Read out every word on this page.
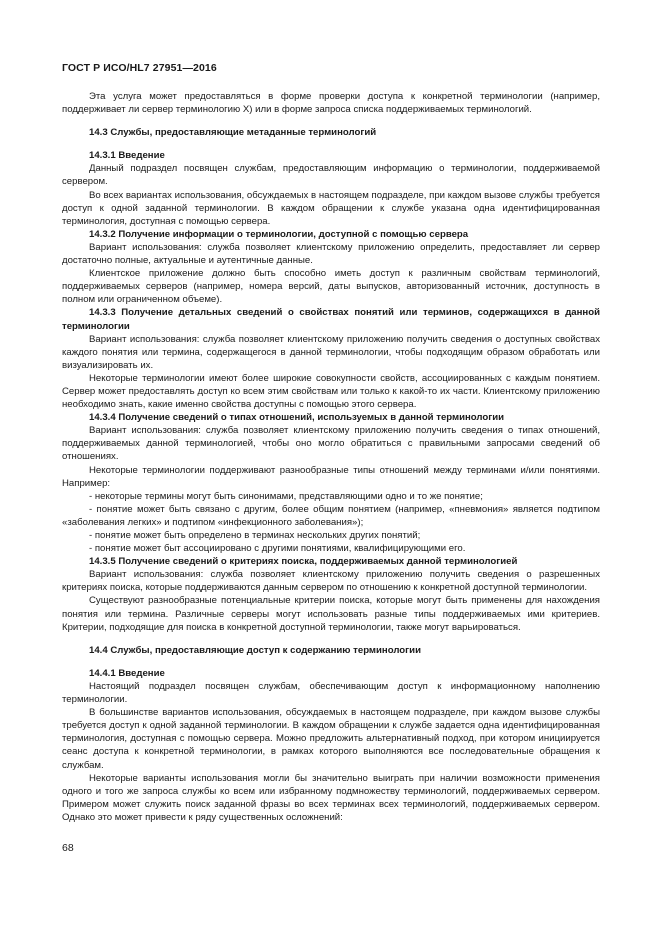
ГОСТ Р ИСО/HL7 27951—2016
Эта услуга может предоставляться в форме проверки доступа к конкретной терминологии (например, поддерживает ли сервер терминологию X) или в форме запроса списка поддерживаемых терминологий.
14.3 Службы, предоставляющие метаданные терминологий
14.3.1 Введение
Данный подраздел посвящен службам, предоставляющим информацию о терминологии, поддерживаемой сервером.
Во всех вариантах использования, обсуждаемых в настоящем подразделе, при каждом вызове службы требуется доступ к одной заданной терминологии. В каждом обращении к службе указана одна идентифицированная терминология, доступная с помощью сервера.
14.3.2 Получение информации о терминологии, доступной с помощью сервера
Вариант использования: служба позволяет клиентскому приложению определить, предоставляет ли сервер достаточно полные, актуальные и аутентичные данные.
Клиентское приложение должно быть способно иметь доступ к различным свойствам терминологий, поддерживаемых серверов (например, номера версий, даты выпусков, авторизованный источник, доступность в полном или ограниченном объеме).
14.3.3 Получение детальных сведений о свойствах понятий или терминов, содержащихся в данной терминологии
Вариант использования: служба позволяет клиентскому приложению получить сведения о доступных свойствах каждого понятия или термина, содержащегося в данной терминологии, чтобы подходящим образом обработать или визуализировать их.
Некоторые терминологии имеют более широкие совокупности свойств, ассоциированных с каждым понятием. Сервер может предоставлять доступ ко всем этим свойствам или только к какой-то их части. Клиентскому приложению необходимо знать, какие именно свойства доступны с помощью этого сервера.
14.3.4 Получение сведений о типах отношений, используемых в данной терминологии
Вариант использования: служба позволяет клиентскому приложению получить сведения о типах отношений, поддерживаемых данной терминологией, чтобы оно могло обратиться с правильными запросами сведений об отношениях.
Некоторые терминологии поддерживают разнообразные типы отношений между терминами и/или понятиями. Например:
- некоторые термины могут быть синонимами, представляющими одно и то же понятие;
- понятие может быть связано с другим, более общим понятием (например, «пневмония» является подтипом «заболевания легких» и подтипом «инфекционного заболевания»);
- понятие может быть определено в терминах нескольких других понятий;
- понятие может быт ассоциировано с другими понятиями, квалифицирующими его.
14.3.5 Получение сведений о критериях поиска, поддерживаемых данной терминологией
Вариант использования: служба позволяет клиентскому приложению получить сведения о разрешенных критериях поиска, которые поддерживаются данным сервером по отношению к конкретной доступной терминологии.
Существуют разнообразные потенциальные критерии поиска, которые могут быть применены для нахождения понятия или термина. Различные серверы могут использовать разные типы поддерживаемых ими критериев. Критерии, подходящие для поиска в конкретной доступной терминологии, также могут варьироваться.
14.4 Службы, предоставляющие доступ к содержанию терминологии
14.4.1 Введение
Настоящий подраздел посвящен службам, обеспечивающим доступ к информационному наполнению терминологии.
В большинстве вариантов использования, обсуждаемых в настоящем подразделе, при каждом вызове службы требуется доступ к одной заданной терминологии. В каждом обращении к службе задается одна идентифицированная терминология, доступная с помощью сервера. Можно предложить альтернативный подход, при котором инициируется сеанс доступа к конкретной терминологии, в рамках которого выполняются все последовательные обращения к службам.
Некоторые варианты использования могли бы значительно выиграть при наличии возможности применения одного и того же запроса службы ко всем или избранному подмножеству терминологий, поддерживаемых сервером. Примером может служить поиск заданной фразы во всех терминах всех терминологий, поддерживаемых сервером. Однако это может привести к ряду существенных осложнений:
68
